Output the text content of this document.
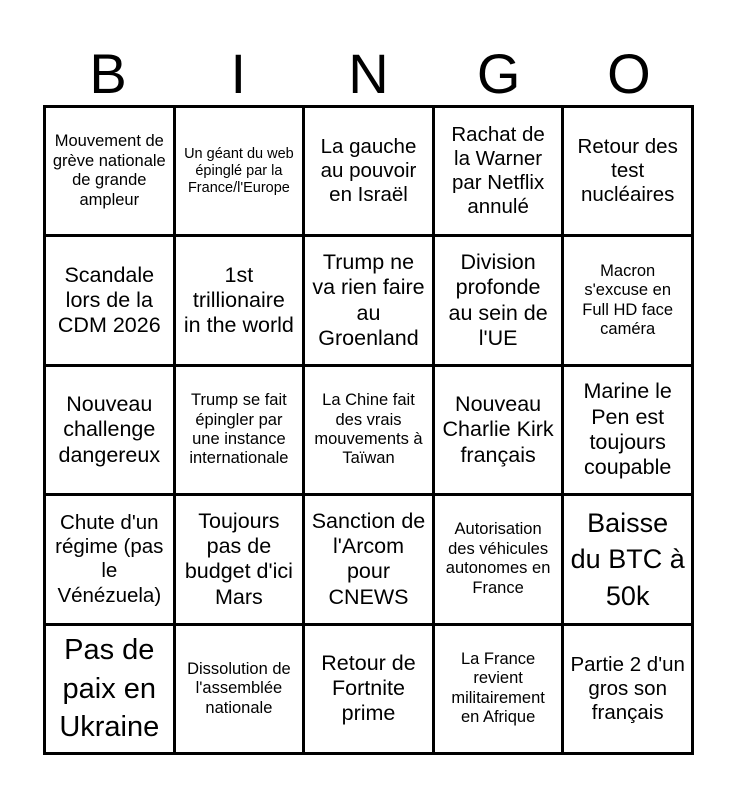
B	I	N	G	O
Mouvement de grève nationale de grande ampleur
Un géant du web épinglé par la France/l'Europe
La gauche au pouvoir en Israël
Rachat de la Warner par Netflix annulé
Retour des test nucléaires
Scandale lors de la CDM 2026
1st trillionaire in the world
Trump ne va rien faire au Groenland
Division profonde au sein de l'UE
Macron s'excuse en Full HD face caméra
Nouveau challenge dangereux
Trump se fait épingler par une instance internationale
La Chine fait des vrais mouvements à Taïwan
Nouveau Charlie Kirk français
Marine le Pen est toujours coupable
Chute d'un régime (pas le Vénézuela)
Toujours pas de budget d'ici Mars
Sanction de l'Arcom pour CNEWS
Autorisation des véhicules autonomes en France
Baisse du BTC à 50k
Pas de paix en Ukraine
Dissolution de l'assemblée nationale
Retour de Fortnite prime
La France revient militairement en Afrique
Partie 2 d'un gros son français
